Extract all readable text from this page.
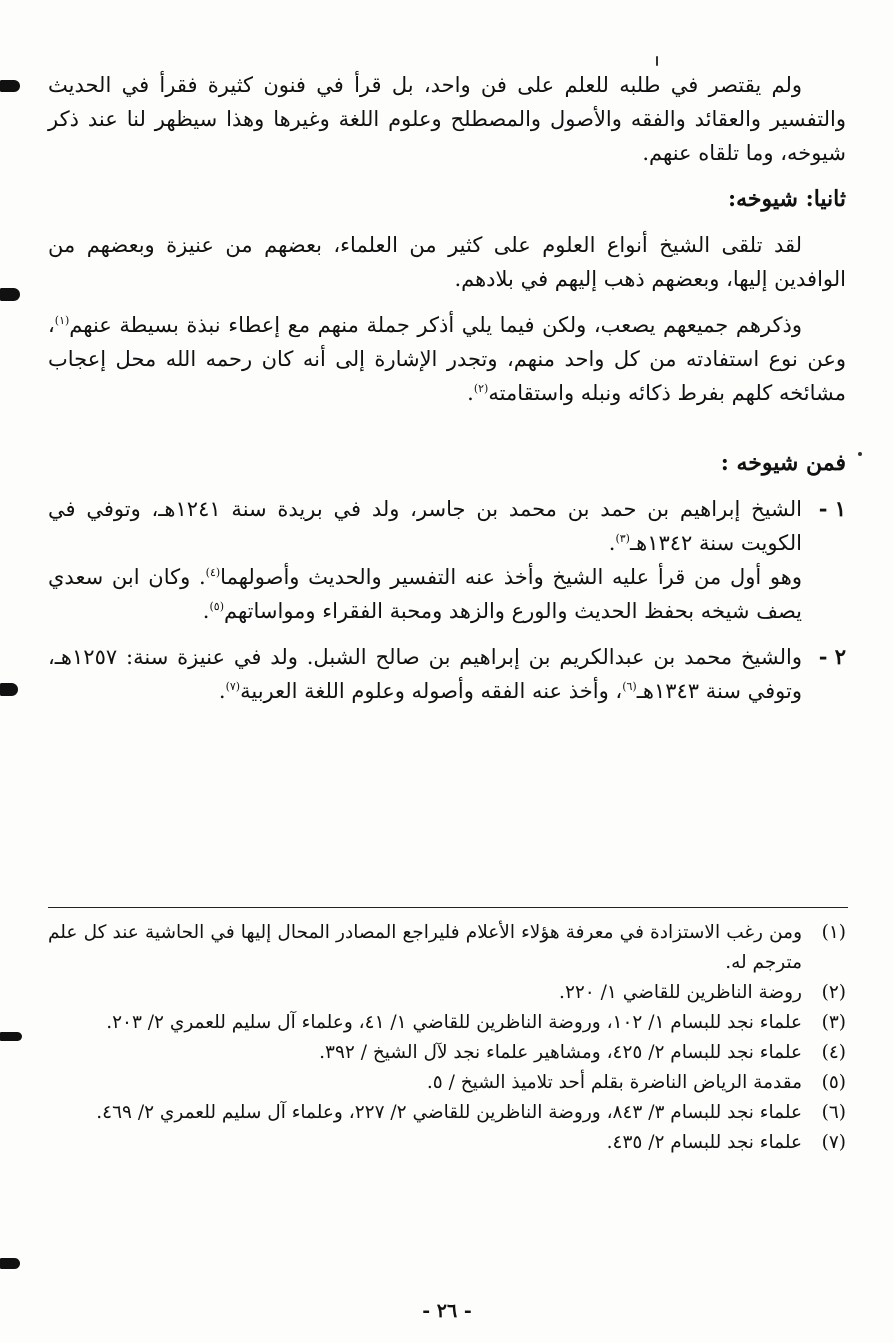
ولم يقتصر في طلبه للعلم على فن واحد، بل قرأ في فنون كثيرة فقرأ في الحديث والتفسير والعقائد والفقه والأصول والمصطلح وعلوم اللغة وغيرها وهذا سيظهر لنا عند ذكر شيوخه، وما تلقاه عنهم.

ثانيا: شيوخه:

لقد تلقى الشيخ أنواع العلوم على كثير من العلماء، بعضهم من عنيزة وبعضهم من الوافدين إليها، وبعضهم ذهب إليهم في بلادهم.

وذكرهم جميعهم يصعب، ولكن فيما يلي أذكر جملة منهم مع إعطاء نبذة بسيطة عنهم$^{(١)}$، وعن نوع استفادته من كل واحد منهم، وتجدر الإشارة إلى أنه كان رحمه الله محل إعجاب مشائخه كلهم بفرط ذكائه ونبله واستقامته$^{(٢)}$.

فمن شيوخه :

١ -

الشيخ إبراهيم بن حمد بن محمد بن جاسر، ولد في بريدة سنة ١٢٤١هـ، وتوفي في الكويت سنة ١٣٤٢هـ$^{(٣)}$.

وهو أول من قرأ عليه الشيخ وأخذ عنه التفسير والحديث وأصولهما$^{(٤)}$. وكان ابن سعدي يصف شيخه بحفظ الحديث والورع والزهد ومحبة الفقراء ومواساتهم$^{(٥)}$.

٢ -

والشيخ محمد بن عبدالكريم بن إبراهيم بن صالح الشبل. ولد في عنيزة سنة: ١٢٥٧هـ، وتوفي سنة ١٣٤٣هـ$^{(٦)}$، وأخذ عنه الفقه وأصوله وعلوم اللغة العربية$^{(٧)}$.

(١)
ومن رغب الاستزادة في معرفة هؤلاء الأعلام فليراجع المصادر المحال إليها في الحاشية عند كل علم مترجم له.
(٢)
روضة الناظرين للقاضي ١/ ٢٢٠.
(٣)
علماء نجد للبسام ١/ ١٠٢، وروضة الناظرين للقاضي ١/ ٤١، وعلماء آل سليم للعمري ٢/ ٢٠٣.
(٤)
علماء نجد للبسام ٢/ ٤٢٥، ومشاهير علماء نجد لآل الشيخ / ٣٩٢.
(٥)
مقدمة الرياض الناضرة بقلم أحد تلاميذ الشيخ / ٥.
(٦)
علماء نجد للبسام ٣/ ٨٤٣، وروضة الناظرين للقاضي ٢/ ٢٢٧، وعلماء آل سليم للعمري ٢/ ٤٦٩.
(٧)
علماء نجد للبسام ٢/ ٤٣٥.
- ٢٦ -
